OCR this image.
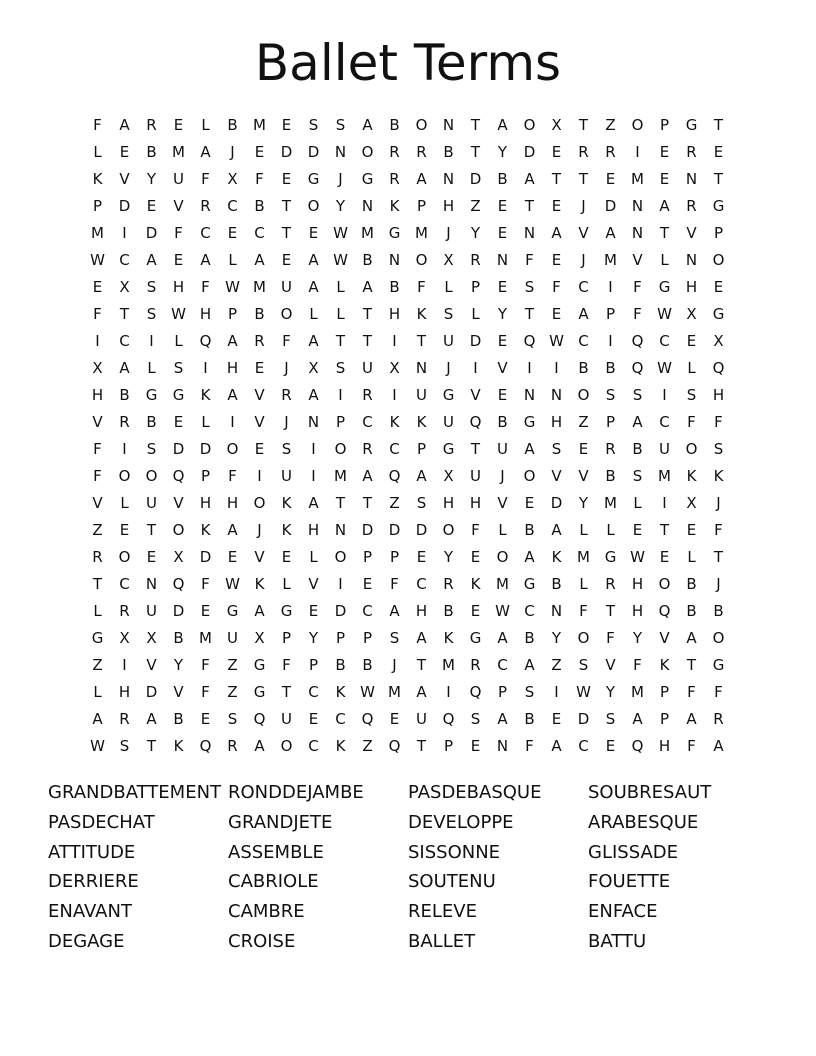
Ballet Terms
F	A	R	E	L	B	M	E	S	S	A	B	O	N	T	A	O	X	T	Z	O	P	G	T
L	E	B	M	A	J	E	D	D	N	O	R	R	B	T	Y	D	E	R	R	I	E	R	E
K	V	Y	U	F	X	F	E	G	J	G	R	A	N	D	B	A	T	T	E	M	E	N	T
P	D	E	V	R	C	B	T	O	Y	N	K	P	H	Z	E	T	E	J	D	N	A	R	G
M	I	D	F	C	E	C	T	E W M G M	J	Y	E	N	A	V	A	N	T	V	P
W C	A	E	A	L	A	E	A W B	N	O	X	R	N	F	E	J	M	V	L	N	O
E	X	S	H	F	W M	U	A	L	A	B	F	L	P	E	S	F	C	I	F	G	H	E
F	T	S W H	P	B	O	L	L	T	H	K	S	L	Y	T	E	A	P	F	W X	G
I	C	I	L	Q	A	R	F	A	T	T	I	T	U	D	E	Q W C	I	Q	C	E	X
X	A	L	S	I	H	E	J	X	S	U	X	N	J	I	V	I	I	B	B	Q W	L	Q
H	B	G	G	K	A	V	R	A	I	R	I	U	G	V	E	N	N	O	S	S	I	S	H
V	R	B	E	L	I	V	J	N	P	C	K	K	U	Q	B	G	H	Z	P	A	C	F	F
F	I	S	D	D	O	E	S	I	O	R	C	P	G	T	U	A	S	E	R	B	U	O	S
F	O	O	Q	P	F	I	U	I	M	A	Q	A	X	U	J	O	V	V	B	S	M	K	K
V	L	U	V	H	H	O	K	A	T	T	Z	S	H	H	V	E	D	Y	M	L	I	X	J
Z	E	T	O	K	A	J	K	H	N	D	D	D	O	F	L	B	A	L	L	E	T	E	F
R	O	E	X	D	E	V	E	L	O	P	P	E	Y	E	O	A	K	M G W E	L	T
T	C	N	Q	F	W K	L	V	I	E	F	C	R	K	M G	B	L	R	H	O	B	J
L	R	U	D	E	G	A	G	E	D	C	A	H	B	E W C	N	F	T	H	Q	B	B
G	X	X	B	M	U	X	P	Y	P	P	S	A	K	G	A	B	Y	O	F	Y	V	A	O
Z	I	V	Y	F	Z	G	F	P	B	B	J	T	M	R	C	A	Z	S	V	F	K	T	G
L	H	D	V	F	Z	G	T	C	K W M	A	I	Q	P	S	I	W Y	M	P	F	F
A	R	A	B	E	S	Q	U	E	C	Q	E	U	Q	S	A	B	E	D	S	A	P	A	R
W S	T	K	Q	R	A	O	C	K	Z	Q	T	P	E	N	F	A	C	E	Q	H	F	A
GRANDBATTEMENT RONDDEJAMBE	PASDEBASQUE	SOUBRESAUT
PASDECHAT	GRANDJETE	DEVELOPPE	ARABESQUE
ATTITUDE	ASSEMBLE	SISSONNE	GLISSADE
DERRIERE	CABRIOLE	SOUTENU	FOUETTE
ENAVANT	CAMBRE	RELEVE	ENFACE
DEGAGE	CROISE	BALLET	BATTU
